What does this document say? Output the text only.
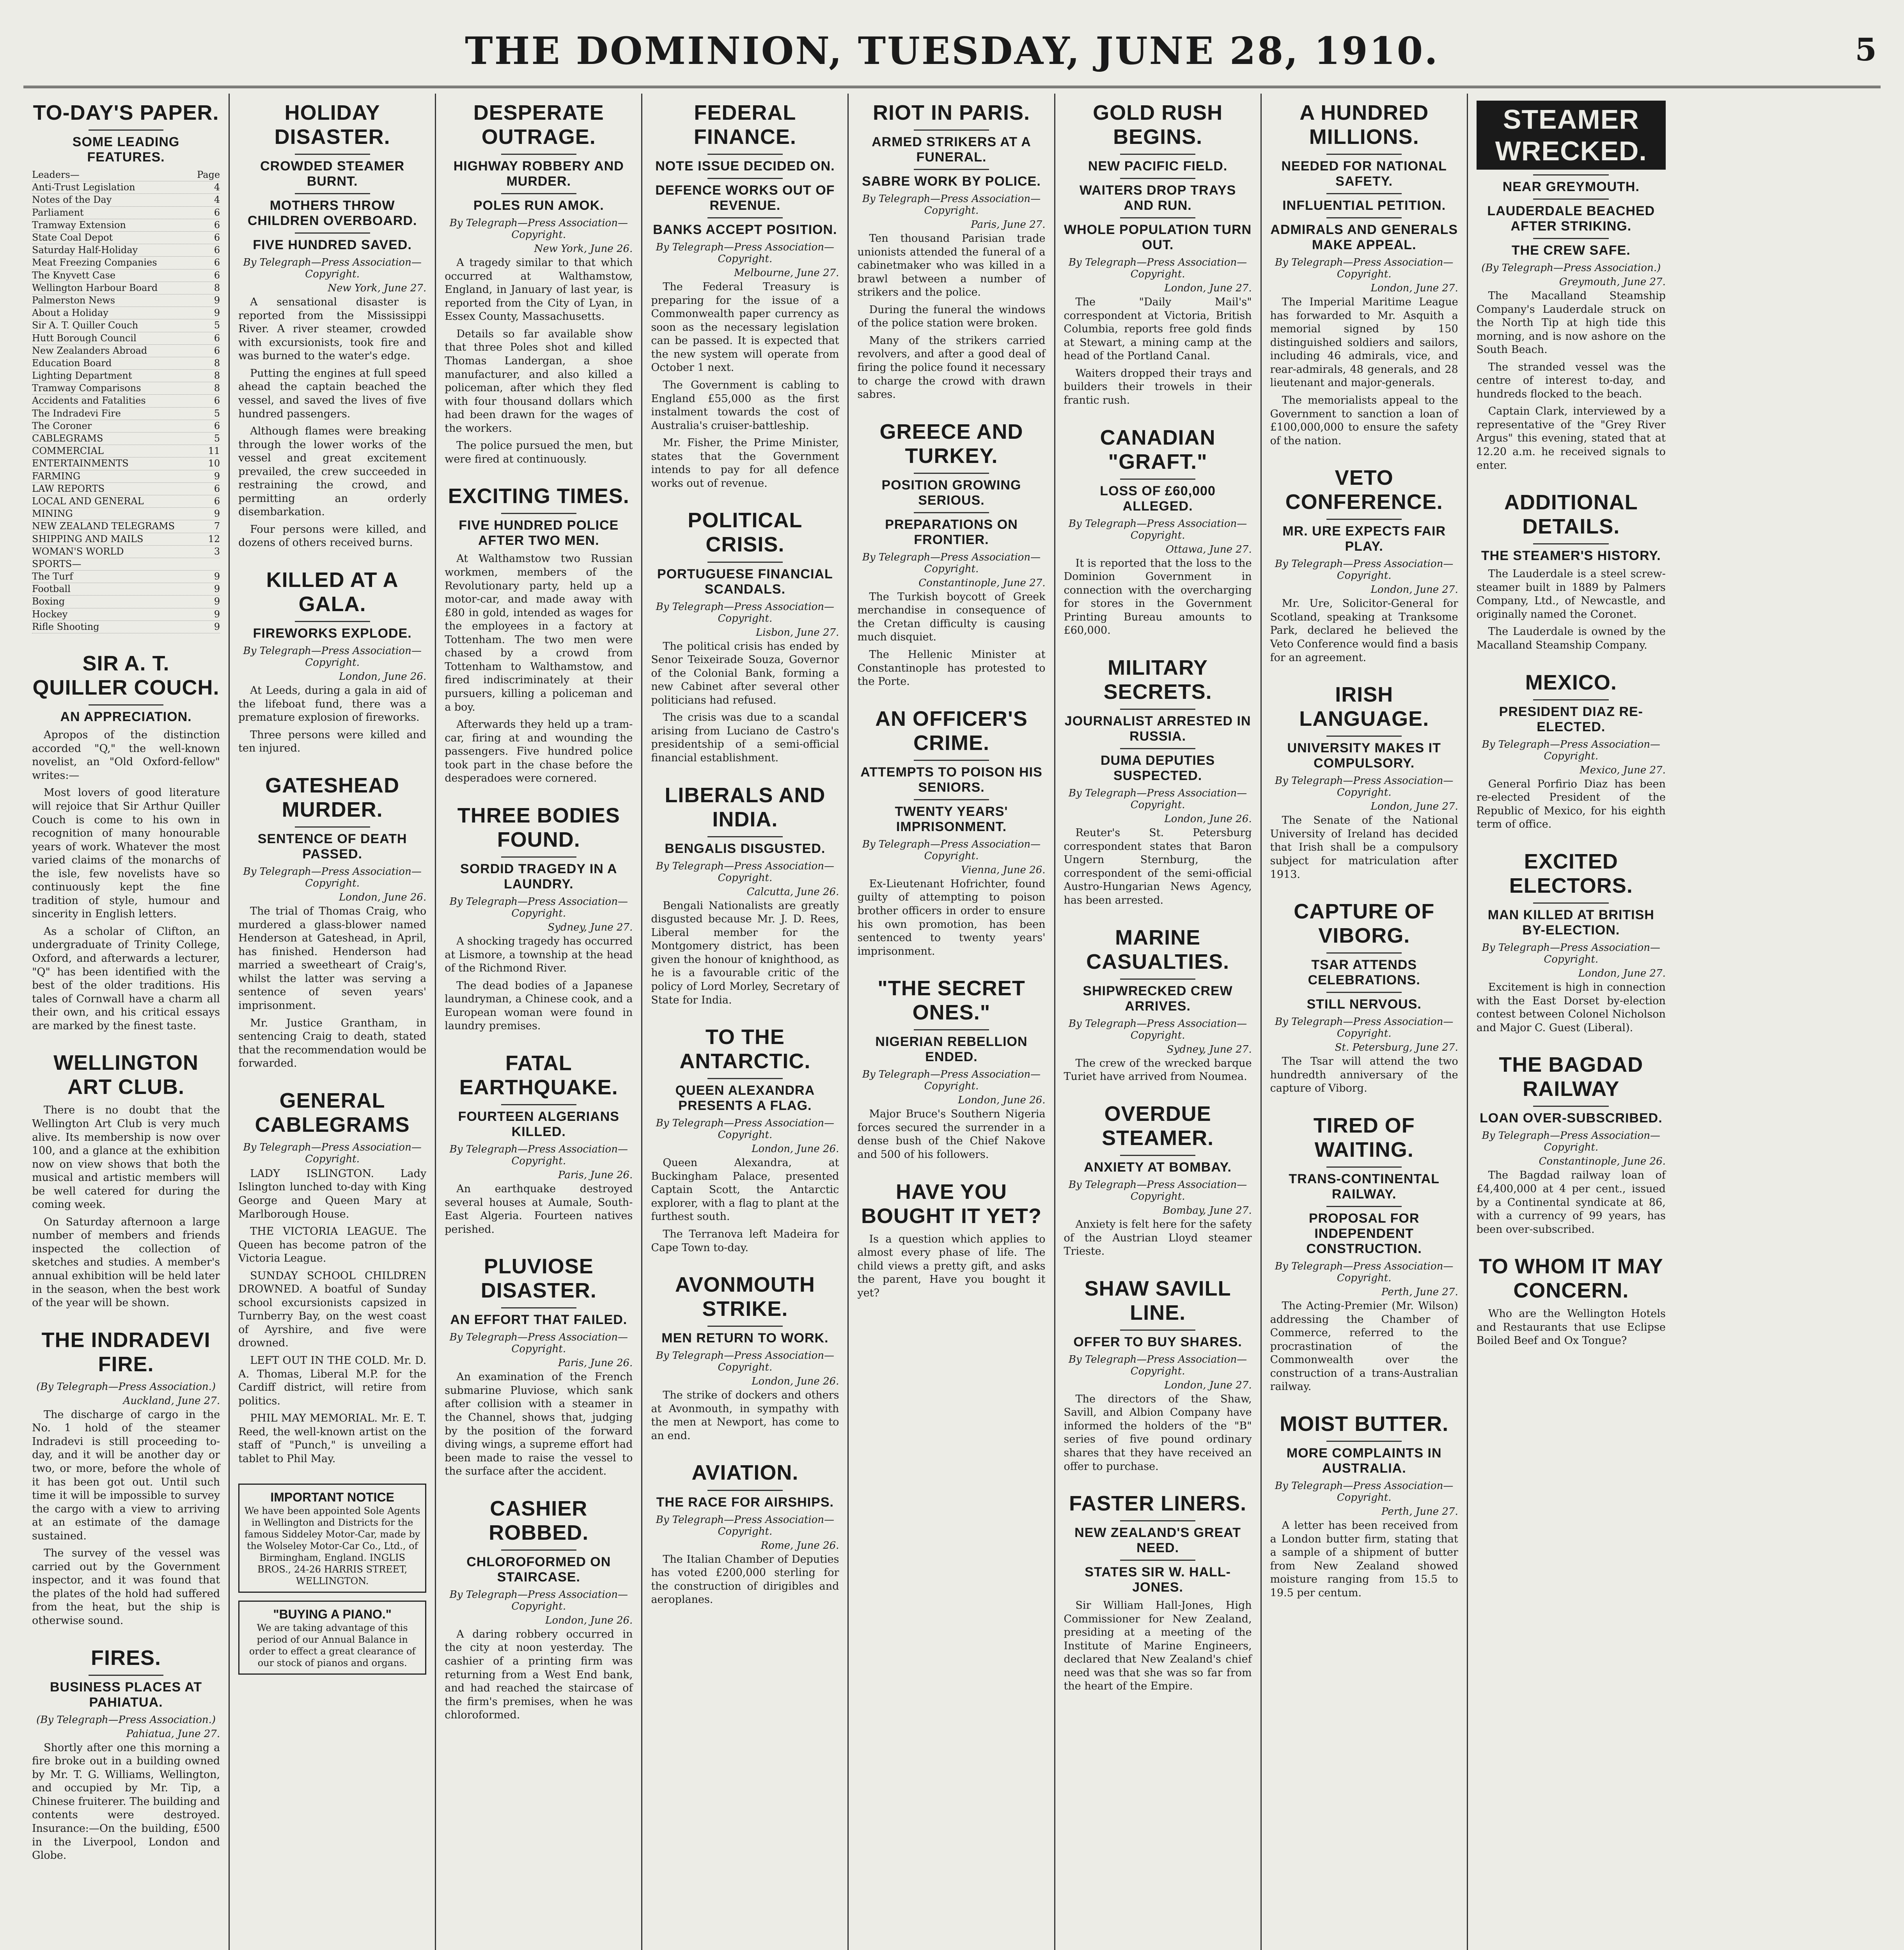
THE DOMINION, TUESDAY, JUNE 28, 1910.	5
TO-DAY'S PAPER.
SOME LEADING FEATURES.
Leaders—	Page
Anti-Trust Legislation	4
Notes of the Day	4
Parliament	6
Tramway Extension	6
State Coal Depot	6
Saturday Half-Holiday	6
Meat Freezing Companies	6
The Knyvett Case	6
Wellington Harbour Board	8
Palmerston News	9
About a Holiday	9
Sir A. T. Quiller Couch	5
Hutt Borough Council	6
New Zealanders Abroad	6
Education Board	8
Lighting Department	8
Tramway Comparisons	8
Accidents and Fatalities	6
The Indradevi Fire	5
The Coroner	6
CABLEGRAMS	5
COMMERCIAL	11
ENTERTAINMENTS	10
FARMING	9
LAW REPORTS	6
LOCAL AND GENERAL	6
MINING	9
NEW ZEALAND TELEGRAMS	7
SHIPPING AND MAILS	12
WOMAN'S WORLD	3
SPORTS—
The Turf	9
Football	9
Boxing	9
Hockey	9
Rifle Shooting	9
SIR A. T. QUILLER COUCH.
AN APPRECIATION.

Apropos of the distinction accorded "Q," the well-known novelist, an "Old Oxford-fellow" writes:—

Most lovers of good literature will rejoice that Sir Arthur Quiller Couch is come to his own in recognition of many honourable years of work. Whatever the most varied claims of the monarchs of the isle, few novelists have so continuously kept the fine tradition of style, humour and sincerity in English letters.

As a scholar of Clifton, an undergraduate of Trinity College, Oxford, and afterwards a lecturer, "Q" has been identified with the best of the older traditions. His tales of Cornwall have a charm all their own, and his critical essays are marked by the finest taste.

WELLINGTON ART CLUB.

There is no doubt that the Wellington Art Club is very much alive. Its membership is now over 100, and a glance at the exhibition now on view shows that both the musical and artistic members will be well catered for during the coming week.

On Saturday afternoon a large number of members and friends inspected the collection of sketches and studies. A member's annual exhibition will be held later in the season, when the best work of the year will be shown.

THE INDRADEVI FIRE.
(By Telegraph—Press Association.)
Auckland, June 27.

The discharge of cargo in the No. 1 hold of the steamer Indradevi is still proceeding to-day, and it will be another day or two, or more, before the whole of it has been got out. Until such time it will be impossible to survey the cargo with a view to arriving at an estimate of the damage sustained.

The survey of the vessel was carried out by the Government inspector, and it was found that the plates of the hold had suffered from the heat, but the ship is otherwise sound.

FIRES.
BUSINESS PLACES AT PAHIATUA.
(By Telegraph—Press Association.)
Pahiatua, June 27.

Shortly after one this morning a fire broke out in a building owned by Mr. T. G. Williams, Wellington, and occupied by Mr. Tip, a Chinese fruiterer. The building and contents were destroyed. Insurance:—On the building, £500 in the Liverpool, London and Globe.

HOLIDAY DISASTER.
CROWDED STEAMER BURNT.
MOTHERS THROW CHILDREN OVERBOARD.
FIVE HUNDRED SAVED.
By Telegraph—Press Association—Copyright.
New York, June 27.

A sensational disaster is reported from the Mississippi River. A river steamer, crowded with excursionists, took fire and was burned to the water's edge.

Putting the engines at full speed ahead the captain beached the vessel, and saved the lives of five hundred passengers.

Although flames were breaking through the lower works of the vessel and great excitement prevailed, the crew succeeded in restraining the crowd, and permitting an orderly disembarkation.

Four persons were killed, and dozens of others received burns.

KILLED AT A GALA.
FIREWORKS EXPLODE.
By Telegraph—Press Association—Copyright.
London, June 26.

At Leeds, during a gala in aid of the lifeboat fund, there was a premature explosion of fireworks.

Three persons were killed and ten injured.

GATESHEAD MURDER.
SENTENCE OF DEATH PASSED.
By Telegraph—Press Association—Copyright.
London, June 26.

The trial of Thomas Craig, who murdered a glass-blower named Henderson at Gateshead, in April, has finished. Henderson had married a sweetheart of Craig's, whilst the latter was serving a sentence of seven years' imprisonment.

Mr. Justice Grantham, in sentencing Craig to death, stated that the recommendation would be forwarded.

GENERAL CABLEGRAMS
By Telegraph—Press Association—Copyright.

LADY ISLINGTON. Lady Islington lunched to-day with King George and Queen Mary at Marlborough House.

THE VICTORIA LEAGUE. The Queen has become patron of the Victoria League.

SUNDAY SCHOOL CHILDREN DROWNED. A boatful of Sunday school excursionists capsized in Turnberry Bay, on the west coast of Ayrshire, and five were drowned.

LEFT OUT IN THE COLD. Mr. D. A. Thomas, Liberal M.P. for the Cardiff district, will retire from politics.

PHIL MAY MEMORIAL. Mr. E. T. Reed, the well-known artist on the staff of "Punch," is unveiling a tablet to Phil May.

IMPORTANT NOTICE
We have been appointed Sole Agents in Wellington and Districts for the famous Siddeley Motor-Car, made by the Wolseley Motor-Car Co., Ltd., of Birmingham, England. INGLIS BROS., 24-26 HARRIS STREET, WELLINGTON.
"BUYING A PIANO."
We are taking advantage of this period of our Annual Balance in order to effect a great clearance of our stock of pianos and organs.
DESPERATE OUTRAGE.
HIGHWAY ROBBERY AND MURDER.
POLES RUN AMOK.
By Telegraph—Press Association—Copyright.
New York, June 26.

A tragedy similar to that which occurred at Walthamstow, England, in January of last year, is reported from the City of Lyan, in Essex County, Massachusetts.

Details so far available show that three Poles shot and killed Thomas Landergan, a shoe manufacturer, and also killed a policeman, after which they fled with four thousand dollars which had been drawn for the wages of the workers.

The police pursued the men, but were fired at continuously.

EXCITING TIMES.
FIVE HUNDRED POLICE AFTER TWO MEN.

At Walthamstow two Russian workmen, members of the Revolutionary party, held up a motor-car, and made away with £80 in gold, intended as wages for the employees in a factory at Tottenham. The two men were chased by a crowd from Tottenham to Walthamstow, and fired indiscriminately at their pursuers, killing a policeman and a boy.

Afterwards they held up a tram-car, firing at and wounding the passengers. Five hundred police took part in the chase before the desperadoes were cornered.

THREE BODIES FOUND.
SORDID TRAGEDY IN A LAUNDRY.
By Telegraph—Press Association—Copyright.
Sydney, June 27.

A shocking tragedy has occurred at Lismore, a township at the head of the Richmond River.

The dead bodies of a Japanese laundryman, a Chinese cook, and a European woman were found in laundry premises.

FATAL EARTHQUAKE.
FOURTEEN ALGERIANS KILLED.
By Telegraph—Press Association—Copyright.
Paris, June 26.

An earthquake destroyed several houses at Aumale, South-East Algeria. Fourteen natives perished.

PLUVIOSE DISASTER.
AN EFFORT THAT FAILED.
By Telegraph—Press Association—Copyright.
Paris, June 26.

An examination of the French submarine Pluviose, which sank after collision with a steamer in the Channel, shows that, judging by the position of the forward diving wings, a supreme effort had been made to raise the vessel to the surface after the accident.

CASHIER ROBBED.
CHLOROFORMED ON STAIRCASE.
By Telegraph—Press Association—Copyright.
London, June 26.

A daring robbery occurred in the city at noon yesterday. The cashier of a printing firm was returning from a West End bank, and had reached the staircase of the firm's premises, when he was chloroformed.

FEDERAL FINANCE.
NOTE ISSUE DECIDED ON.
DEFENCE WORKS OUT OF REVENUE.
BANKS ACCEPT POSITION.
By Telegraph—Press Association—Copyright.
Melbourne, June 27.

The Federal Treasury is preparing for the issue of a Commonwealth paper currency as soon as the necessary legislation can be passed. It is expected that the new system will operate from October 1 next.

The Government is cabling to England £55,000 as the first instalment towards the cost of Australia's cruiser-battleship.

Mr. Fisher, the Prime Minister, states that the Government intends to pay for all defence works out of revenue.

POLITICAL CRISIS.
PORTUGUESE FINANCIAL SCANDALS.
By Telegraph—Press Association—Copyright.
Lisbon, June 27.

The political crisis has ended by Senor Teixeirade Souza, Governor of the Colonial Bank, forming a new Cabinet after several other politicians had refused.

The crisis was due to a scandal arising from Luciano de Castro's presidentship of a semi-official financial establishment.

LIBERALS AND INDIA.
BENGALIS DISGUSTED.
By Telegraph—Press Association—Copyright.
Calcutta, June 26.

Bengali Nationalists are greatly disgusted because Mr. J. D. Rees, Liberal member for the Montgomery district, has been given the honour of knighthood, as he is a favourable critic of the policy of Lord Morley, Secretary of State for India.

TO THE ANTARCTIC.
QUEEN ALEXANDRA PRESENTS A FLAG.
By Telegraph—Press Association—Copyright.
London, June 26.

Queen Alexandra, at Buckingham Palace, presented Captain Scott, the Antarctic explorer, with a flag to plant at the furthest south.

The Terranova left Madeira for Cape Town to-day.

AVONMOUTH STRIKE.
MEN RETURN TO WORK.
By Telegraph—Press Association—Copyright.
London, June 26.

The strike of dockers and others at Avonmouth, in sympathy with the men at Newport, has come to an end.

AVIATION.
THE RACE FOR AIRSHIPS.
By Telegraph—Press Association—Copyright.
Rome, June 26.

The Italian Chamber of Deputies has voted £200,000 sterling for the construction of dirigibles and aeroplanes.

RIOT IN PARIS.
ARMED STRIKERS AT A FUNERAL.
SABRE WORK BY POLICE.
By Telegraph—Press Association—Copyright.
Paris, June 27.

Ten thousand Parisian trade unionists attended the funeral of a cabinetmaker who was killed in a brawl between a number of strikers and the police.

During the funeral the windows of the police station were broken.

Many of the strikers carried revolvers, and after a good deal of firing the police found it necessary to charge the crowd with drawn sabres.

GREECE AND TURKEY.
POSITION GROWING SERIOUS.
PREPARATIONS ON FRONTIER.
By Telegraph—Press Association—Copyright.
Constantinople, June 27.

The Turkish boycott of Greek merchandise in consequence of the Cretan difficulty is causing much disquiet.

The Hellenic Minister at Constantinople has protested to the Porte.

AN OFFICER'S CRIME.
ATTEMPTS TO POISON HIS SENIORS.
TWENTY YEARS' IMPRISONMENT.
By Telegraph—Press Association—Copyright.
Vienna, June 26.

Ex-Lieutenant Hofrichter, found guilty of attempting to poison brother officers in order to ensure his own promotion, has been sentenced to twenty years' imprisonment.

"THE SECRET ONES."
NIGERIAN REBELLION ENDED.
By Telegraph—Press Association—Copyright.
London, June 26.

Major Bruce's Southern Nigeria forces secured the surrender in a dense bush of the Chief Nakove and 500 of his followers.

HAVE YOU BOUGHT IT YET?

Is a question which applies to almost every phase of life. The child views a pretty gift, and asks the parent, Have you bought it yet?

GOLD RUSH BEGINS.
NEW PACIFIC FIELD.
WAITERS DROP TRAYS AND RUN.
WHOLE POPULATION TURN OUT.
By Telegraph—Press Association—Copyright.
London, June 27.

The "Daily Mail's" correspondent at Victoria, British Columbia, reports free gold finds at Stewart, a mining camp at the head of the Portland Canal.

Waiters dropped their trays and builders their trowels in their frantic rush.

CANADIAN "GRAFT."
LOSS OF £60,000 ALLEGED.
By Telegraph—Press Association—Copyright.
Ottawa, June 27.

It is reported that the loss to the Dominion Government in connection with the overcharging for stores in the Government Printing Bureau amounts to £60,000.

MILITARY SECRETS.
JOURNALIST ARRESTED IN RUSSIA.
DUMA DEPUTIES SUSPECTED.
By Telegraph—Press Association—Copyright.
London, June 26.

Reuter's St. Petersburg correspondent states that Baron Ungern Sternburg, the correspondent of the semi-official Austro-Hungarian News Agency, has been arrested.

MARINE CASUALTIES.
SHIPWRECKED CREW ARRIVES.
By Telegraph—Press Association—Copyright.
Sydney, June 27.

The crew of the wrecked barque Turiet have arrived from Noumea.

OVERDUE STEAMER.
ANXIETY AT BOMBAY.
By Telegraph—Press Association—Copyright.
Bombay, June 27.

Anxiety is felt here for the safety of the Austrian Lloyd steamer Trieste.

SHAW SAVILL LINE.
OFFER TO BUY SHARES.
By Telegraph—Press Association—Copyright.
London, June 27.

The directors of the Shaw, Savill, and Albion Company have informed the holders of the "B" series of five pound ordinary shares that they have received an offer to purchase.

FASTER LINERS.
NEW ZEALAND'S GREAT NEED.
STATES SIR W. HALL-JONES.

Sir William Hall-Jones, High Commissioner for New Zealand, presiding at a meeting of the Institute of Marine Engineers, declared that New Zealand's chief need was that she was so far from the heart of the Empire.

A HUNDRED MILLIONS.
NEEDED FOR NATIONAL SAFETY.
INFLUENTIAL PETITION.
ADMIRALS AND GENERALS MAKE APPEAL.
By Telegraph—Press Association—Copyright.
London, June 27.

The Imperial Maritime League has forwarded to Mr. Asquith a memorial signed by 150 distinguished soldiers and sailors, including 46 admirals, vice, and rear-admirals, 48 generals, and 28 lieutenant and major-generals.

The memorialists appeal to the Government to sanction a loan of £100,000,000 to ensure the safety of the nation.

VETO CONFERENCE.
MR. URE EXPECTS FAIR PLAY.
By Telegraph—Press Association—Copyright.
London, June 27.

Mr. Ure, Solicitor-General for Scotland, speaking at Tranksome Park, declared he believed the Veto Conference would find a basis for an agreement.

IRISH LANGUAGE.
UNIVERSITY MAKES IT COMPULSORY.
By Telegraph—Press Association—Copyright.
London, June 27.

The Senate of the National University of Ireland has decided that Irish shall be a compulsory subject for matriculation after 1913.

CAPTURE OF VIBORG.
TSAR ATTENDS CELEBRATIONS.
STILL NERVOUS.
By Telegraph—Press Association—Copyright.
St. Petersburg, June 27.

The Tsar will attend the two hundredth anniversary of the capture of Viborg.

TIRED OF WAITING.
TRANS-CONTINENTAL RAILWAY.
PROPOSAL FOR INDEPENDENT CONSTRUCTION.
By Telegraph—Press Association—Copyright.
Perth, June 27.

The Acting-Premier (Mr. Wilson) addressing the Chamber of Commerce, referred to the procrastination of the Commonwealth over the construction of a trans-Australian railway.

MOIST BUTTER.
MORE COMPLAINTS IN AUSTRALIA.
By Telegraph—Press Association—Copyright.
Perth, June 27.

A letter has been received from a London butter firm, stating that a sample of a shipment of butter from New Zealand showed moisture ranging from 15.5 to 19.5 per centum.

STEAMER WRECKED.
NEAR GREYMOUTH.
LAUDERDALE BEACHED AFTER STRIKING.
THE CREW SAFE.
(By Telegraph—Press Association.)
Greymouth, June 27.

The Macalland Steamship Company's Lauderdale struck on the North Tip at high tide this morning, and is now ashore on the South Beach.

The stranded vessel was the centre of interest to-day, and hundreds flocked to the beach.

Captain Clark, interviewed by a representative of the "Grey River Argus" this evening, stated that at 12.20 a.m. he received signals to enter.

ADDITIONAL DETAILS.
THE STEAMER'S HISTORY.

The Lauderdale is a steel screw-steamer built in 1889 by Palmers Company, Ltd., of Newcastle, and originally named the Coronet.

The Lauderdale is owned by the Macalland Steamship Company.

MEXICO.
PRESIDENT DIAZ RE-ELECTED.
By Telegraph—Press Association—Copyright.
Mexico, June 27.

General Porfirio Diaz has been re-elected President of the Republic of Mexico, for his eighth term of office.

EXCITED ELECTORS.
MAN KILLED AT BRITISH BY-ELECTION.
By Telegraph—Press Association—Copyright.
London, June 27.

Excitement is high in connection with the East Dorset by-election contest between Colonel Nicholson and Major C. Guest (Liberal).

THE BAGDAD RAILWAY
LOAN OVER-SUBSCRIBED.
By Telegraph—Press Association—Copyright.
Constantinople, June 26.

The Bagdad railway loan of £4,400,000 at 4 per cent., issued by a Continental syndicate at 86, with a currency of 99 years, has been over-subscribed.

TO WHOM IT MAY CONCERN.

Who are the Wellington Hotels and Restaurants that use Eclipse Boiled Beef and Ox Tongue?
